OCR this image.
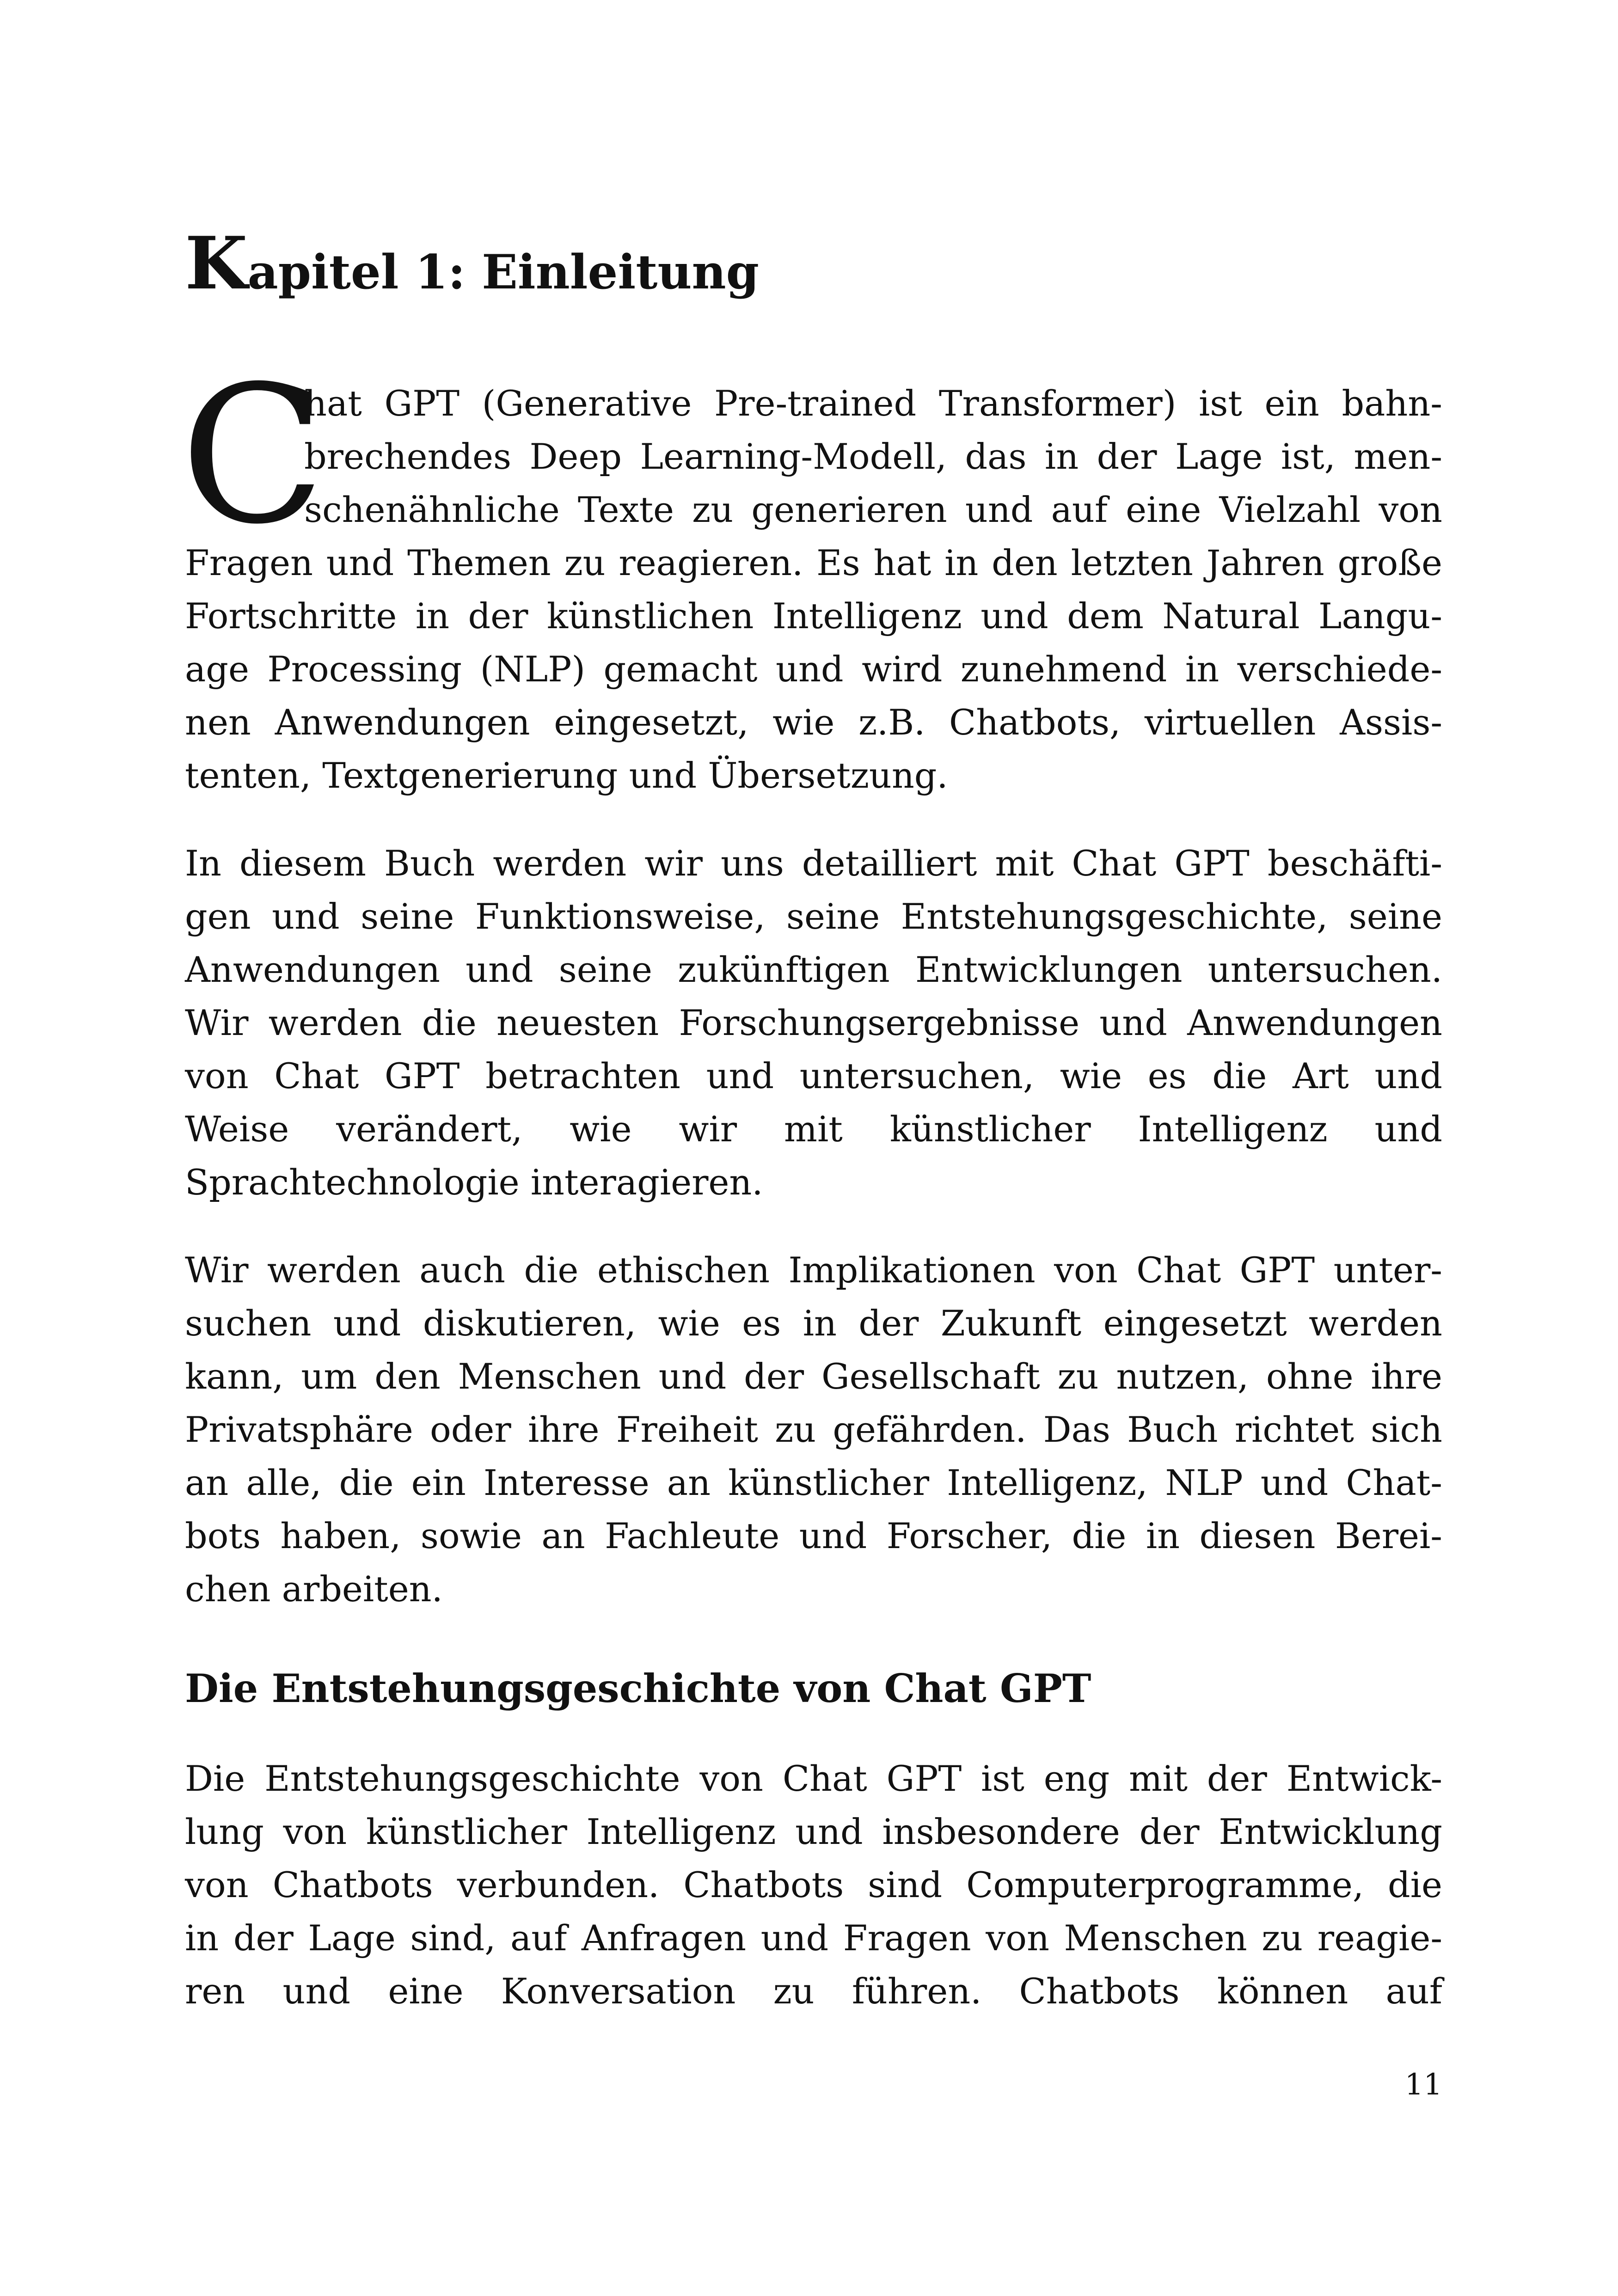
Kapitel 1: Einleitung
C

hat GPT (Generative Pre-trained Transformer) ist ein bahn-
brechendes Deep Learning-Modell, das in der Lage ist, men-
schenähnliche Texte zu generieren und auf eine Vielzahl von
Fragen und Themen zu reagieren. Es hat in den letzten Jahren große
Fortschritte in der künstlichen Intelligenz und dem Natural Langu-
age Processing (NLP) gemacht und wird zunehmend in verschiede-
nen Anwendungen eingesetzt, wie z.B. Chatbots, virtuellen Assis-
tenten, Textgenerierung und Übersetzung.

In diesem Buch werden wir uns detailliert mit Chat GPT beschäfti-
gen und seine Funktionsweise, seine Entstehungsgeschichte, seine
Anwendungen und seine zukünftigen Entwicklungen untersuchen.
Wir werden die neuesten Forschungsergebnisse und Anwendungen
von Chat GPT betrachten und untersuchen, wie es die Art und
Weise verändert, wie wir mit künstlicher Intelligenz und
Sprachtechnologie interagieren.

Wir werden auch die ethischen Implikationen von Chat GPT unter-
suchen und diskutieren, wie es in der Zukunft eingesetzt werden
kann, um den Menschen und der Gesellschaft zu nutzen, ohne ihre
Privatsphäre oder ihre Freiheit zu gefährden. Das Buch richtet sich
an alle, die ein Interesse an künstlicher Intelligenz, NLP und Chat-
bots haben, sowie an Fachleute und Forscher, die in diesen Berei-
chen arbeiten.

Die Entstehungsgeschichte von Chat GPT

Die Entstehungsgeschichte von Chat GPT ist eng mit der Entwick-
lung von künstlicher Intelligenz und insbesondere der Entwicklung
von Chatbots verbunden. Chatbots sind Computerprogramme, die
in der Lage sind, auf Anfragen und Fragen von Menschen zu reagie-
ren und eine Konversation zu führen. Chatbots können auf

11
